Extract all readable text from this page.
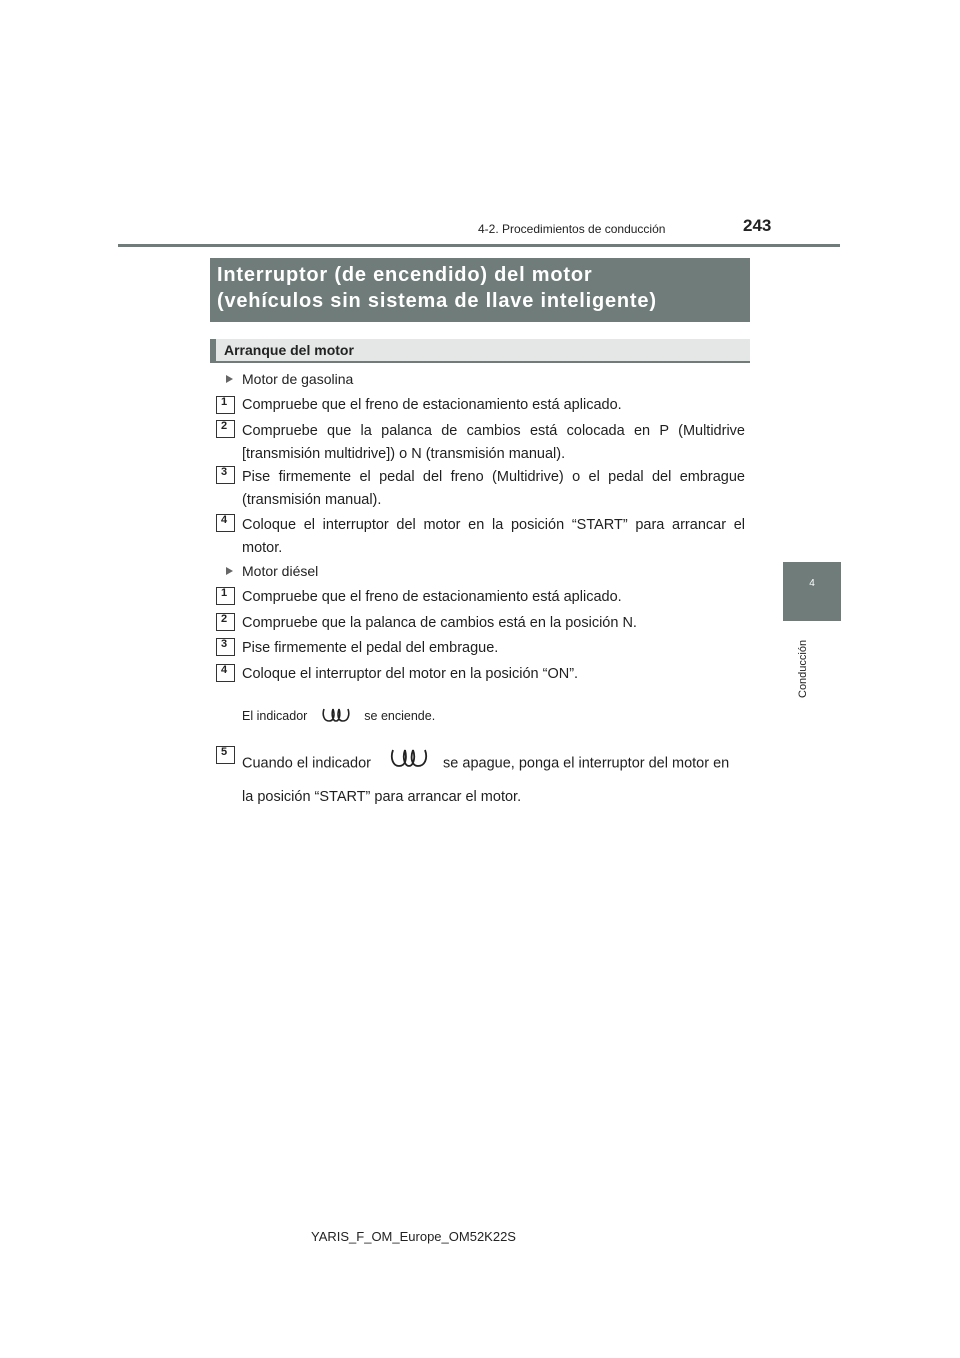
4-2. Procedimientos de conducción	243
Interruptor (de encendido) del motor
(vehículos sin sistema de llave inteligente)
Arranque del motor
4
Conducción
Motor de gasolina
1	Compruebe que el freno de estacionamiento está aplicado.
2	Compruebe que la palanca de cambios está colocada en P (Multidrive [transmisión multidrive]) o N (transmisión manual).
3	Pise firmemente el pedal del freno (Multidrive) o el pedal del embrague (transmisión manual).
4	Coloque el interruptor del motor en la posición “START” para arrancar el motor.
Motor diésel
1	Compruebe que el freno de estacionamiento está aplicado.
2	Compruebe que la palanca de cambios está en la posición N.
3	Pise firmemente el pedal del embrague.
4	Coloque el interruptor del motor en la posición “ON”.
El indicador	se enciende.
5
Cuando el indicador	se apague, ponga el interruptor del motor en
la posición “START” para arrancar el motor.
YARIS_F_OM_Europe_OM52K22S
